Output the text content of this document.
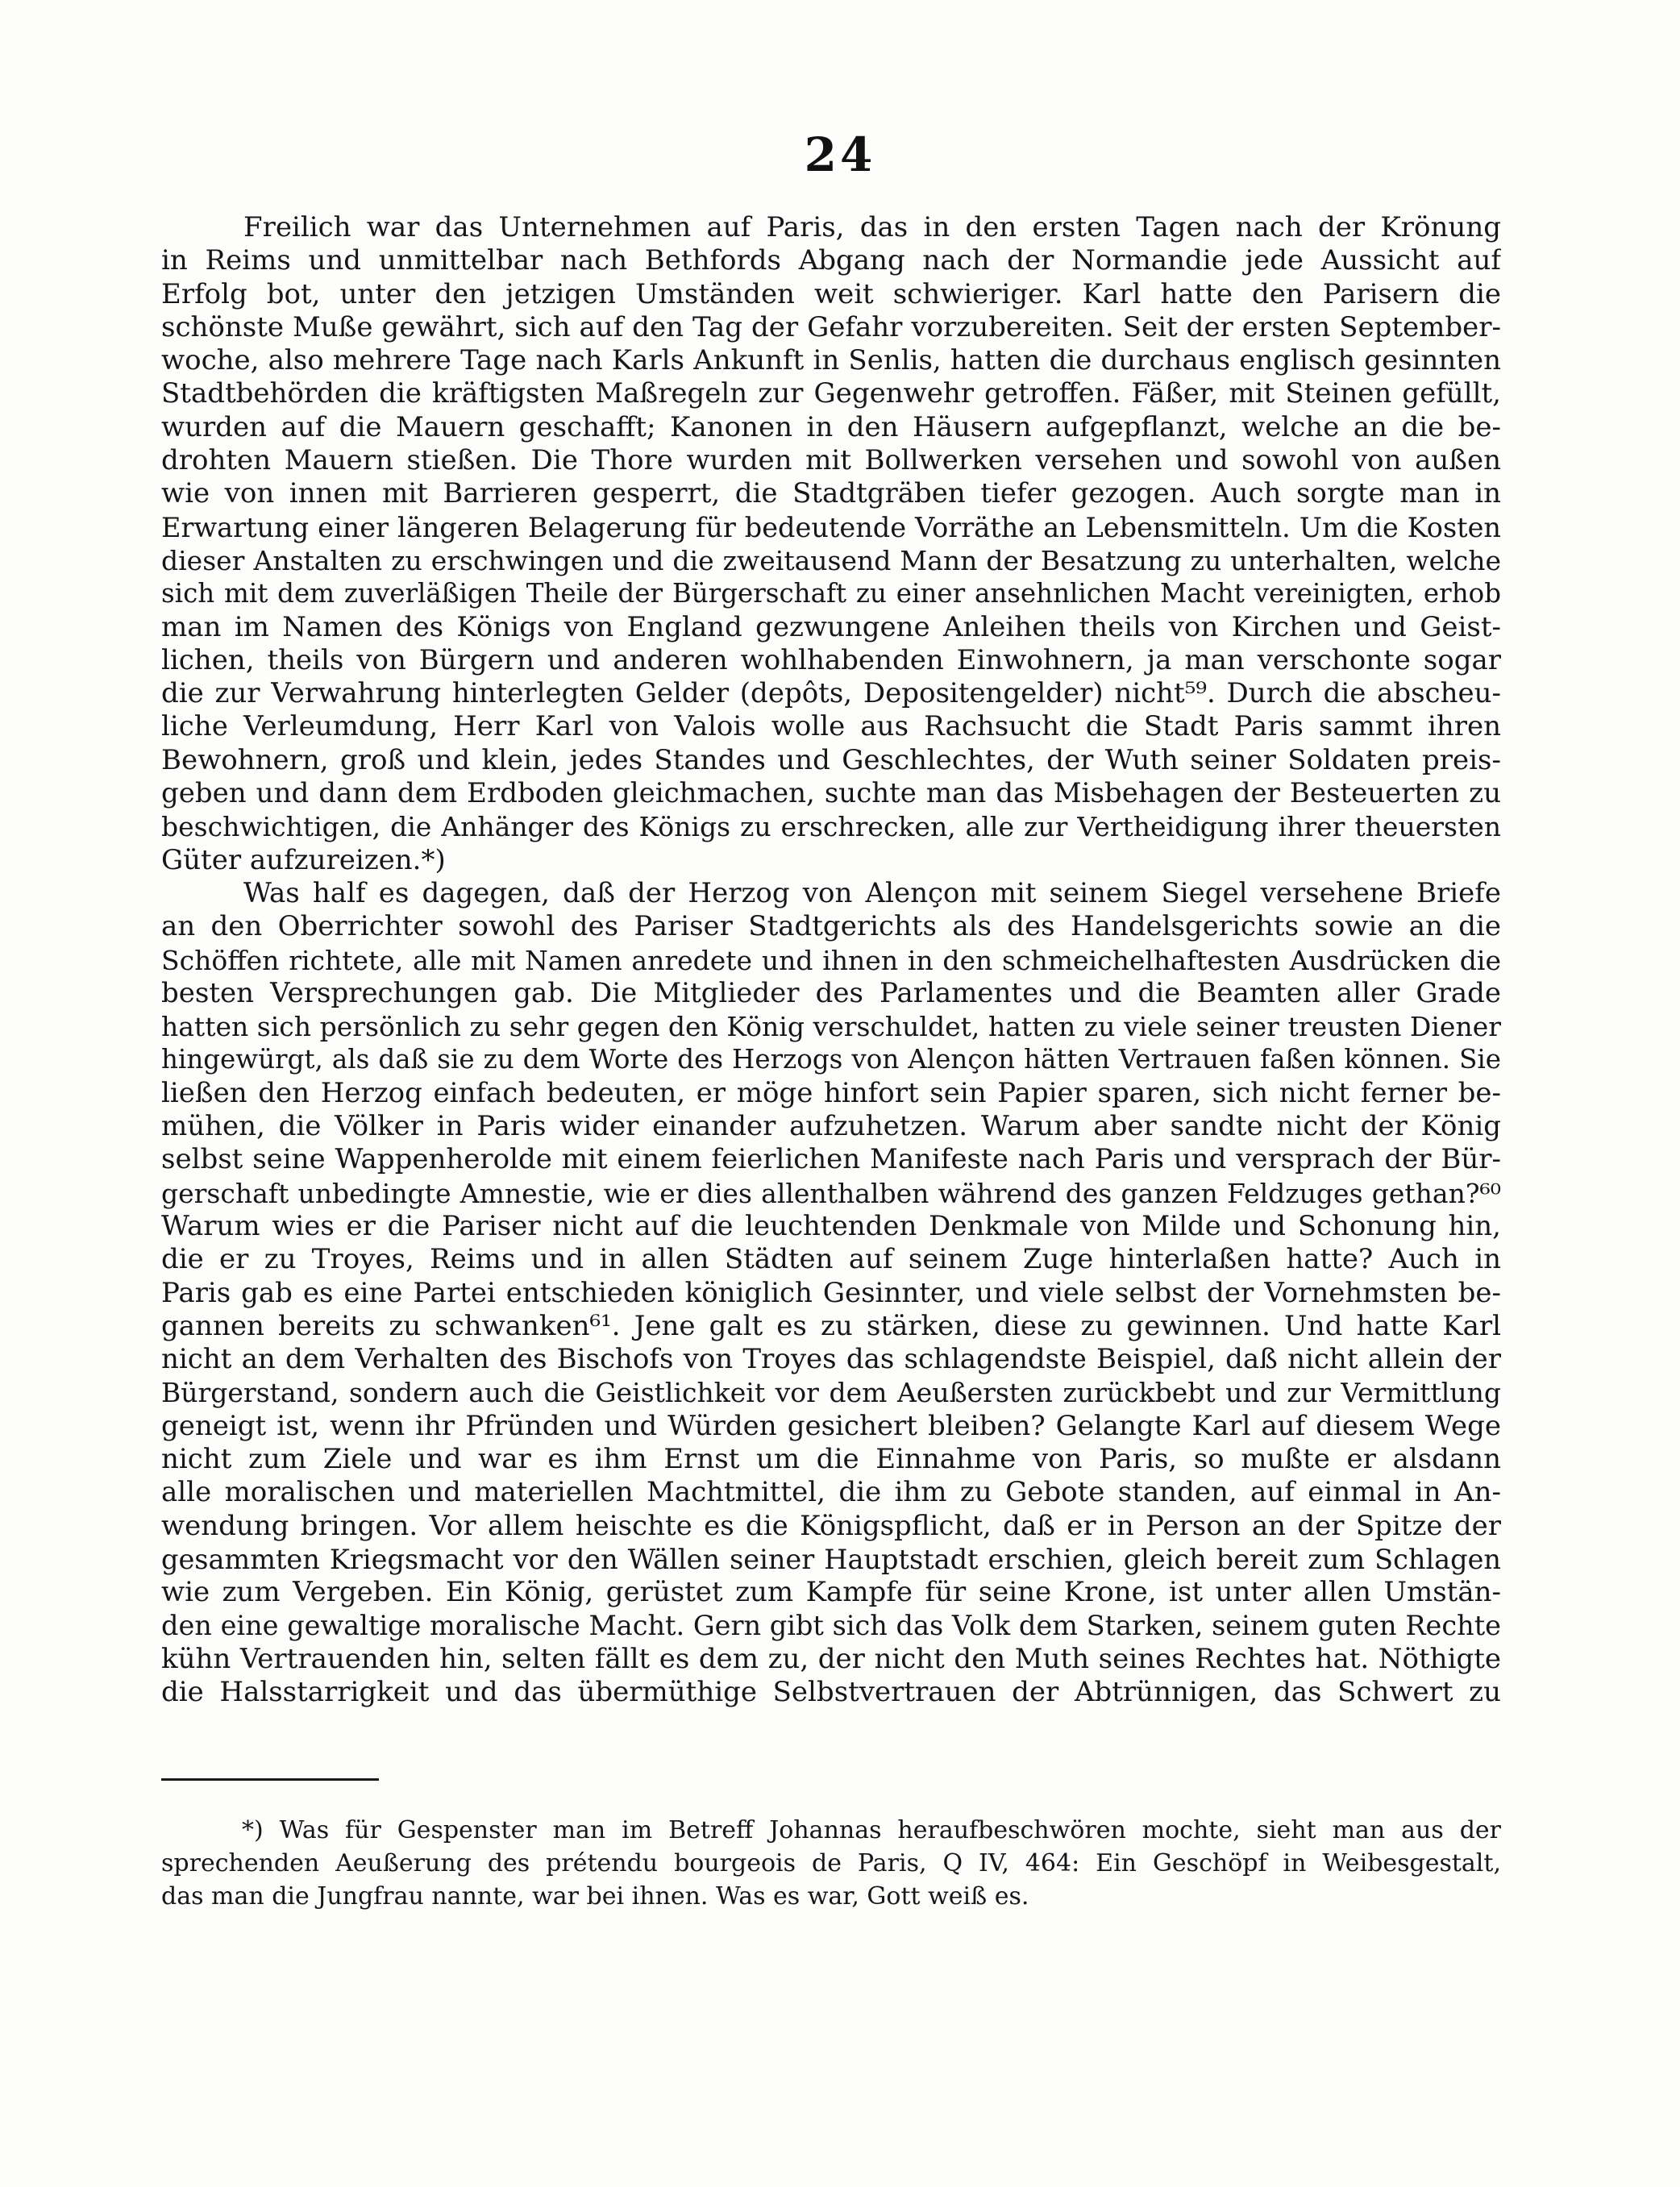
24
Freilich war das Unternehmen auf Paris, das in den ersten Tagen nach der Krönung
in Reims und unmittelbar nach Bethfords Abgang nach der Normandie jede Aussicht auf
Erfolg bot, unter den jetzigen Umständen weit schwieriger. Karl hatte den Parisern die
schönste Muße gewährt, sich auf den Tag der Gefahr vorzubereiten. Seit der ersten September-
woche, also mehrere Tage nach Karls Ankunft in Senlis, hatten die durchaus englisch gesinnten
Stadtbehörden die kräftigsten Maßregeln zur Gegenwehr getroffen. Fäßer, mit Steinen gefüllt,
wurden auf die Mauern geschafft; Kanonen in den Häusern aufgepflanzt, welche an die be-
drohten Mauern stießen. Die Thore wurden mit Bollwerken versehen und sowohl von außen
wie von innen mit Barrieren gesperrt, die Stadtgräben tiefer gezogen. Auch sorgte man in
Erwartung einer längeren Belagerung für bedeutende Vorräthe an Lebensmitteln. Um die Kosten
dieser Anstalten zu erschwingen und die zweitausend Mann der Besatzung zu unterhalten, welche
sich mit dem zuverläßigen Theile der Bürgerschaft zu einer ansehnlichen Macht vereinigten, erhob
man im Namen des Königs von England gezwungene Anleihen theils von Kirchen und Geist-
lichen, theils von Bürgern und anderen wohlhabenden Einwohnern, ja man verschonte sogar
die zur Verwahrung hinterlegten Gelder (depôts, Depositengelder) nicht⁵⁹. Durch die abscheu-
liche Verleumdung, Herr Karl von Valois wolle aus Rachsucht die Stadt Paris sammt ihren
Bewohnern, groß und klein, jedes Standes und Geschlechtes, der Wuth seiner Soldaten preis-
geben und dann dem Erdboden gleichmachen, suchte man das Misbehagen der Besteuerten zu
beschwichtigen, die Anhänger des Königs zu erschrecken, alle zur Vertheidigung ihrer theuersten
Güter aufzureizen.*)
Was half es dagegen, daß der Herzog von Alençon mit seinem Siegel versehene Briefe
an den Oberrichter sowohl des Pariser Stadtgerichts als des Handelsgerichts sowie an die
Schöffen richtete, alle mit Namen anredete und ihnen in den schmeichelhaftesten Ausdrücken die
besten Versprechungen gab. Die Mitglieder des Parlamentes und die Beamten aller Grade
hatten sich persönlich zu sehr gegen den König verschuldet, hatten zu viele seiner treusten Diener
hingewürgt, als daß sie zu dem Worte des Herzogs von Alençon hätten Vertrauen faßen können. Sie
ließen den Herzog einfach bedeuten, er möge hinfort sein Papier sparen, sich nicht ferner be-
mühen, die Völker in Paris wider einander aufzuhetzen. Warum aber sandte nicht der König
selbst seine Wappenherolde mit einem feierlichen Manifeste nach Paris und versprach der Bür-
gerschaft unbedingte Amnestie, wie er dies allenthalben während des ganzen Feldzuges gethan?⁶⁰
Warum wies er die Pariser nicht auf die leuchtenden Denkmale von Milde und Schonung hin,
die er zu Troyes, Reims und in allen Städten auf seinem Zuge hinterlaßen hatte? Auch in
Paris gab es eine Partei entschieden königlich Gesinnter, und viele selbst der Vornehmsten be-
gannen bereits zu schwanken⁶¹. Jene galt es zu stärken, diese zu gewinnen. Und hatte Karl
nicht an dem Verhalten des Bischofs von Troyes das schlagendste Beispiel, daß nicht allein der
Bürgerstand, sondern auch die Geistlichkeit vor dem Aeußersten zurückbebt und zur Vermittlung
geneigt ist, wenn ihr Pfründen und Würden gesichert bleiben? Gelangte Karl auf diesem Wege
nicht zum Ziele und war es ihm Ernst um die Einnahme von Paris, so mußte er alsdann
alle moralischen und materiellen Machtmittel, die ihm zu Gebote standen, auf einmal in An-
wendung bringen. Vor allem heischte es die Königspflicht, daß er in Person an der Spitze der
gesammten Kriegsmacht vor den Wällen seiner Hauptstadt erschien, gleich bereit zum Schlagen
wie zum Vergeben. Ein König, gerüstet zum Kampfe für seine Krone, ist unter allen Umstän-
den eine gewaltige moralische Macht. Gern gibt sich das Volk dem Starken, seinem guten Rechte
kühn Vertrauenden hin, selten fällt es dem zu, der nicht den Muth seines Rechtes hat. Nöthigte
die Halsstarrigkeit und das übermüthige Selbstvertrauen der Abtrünnigen, das Schwert zu
*) Was für Gespenster man im Betreff Johannas heraufbeschwören mochte, sieht man aus der
sprechenden Aeußerung des prétendu bourgeois de Paris, Q IV, 464: Ein Geschöpf in Weibesgestalt,
das man die Jungfrau nannte, war bei ihnen. Was es war, Gott weiß es.
